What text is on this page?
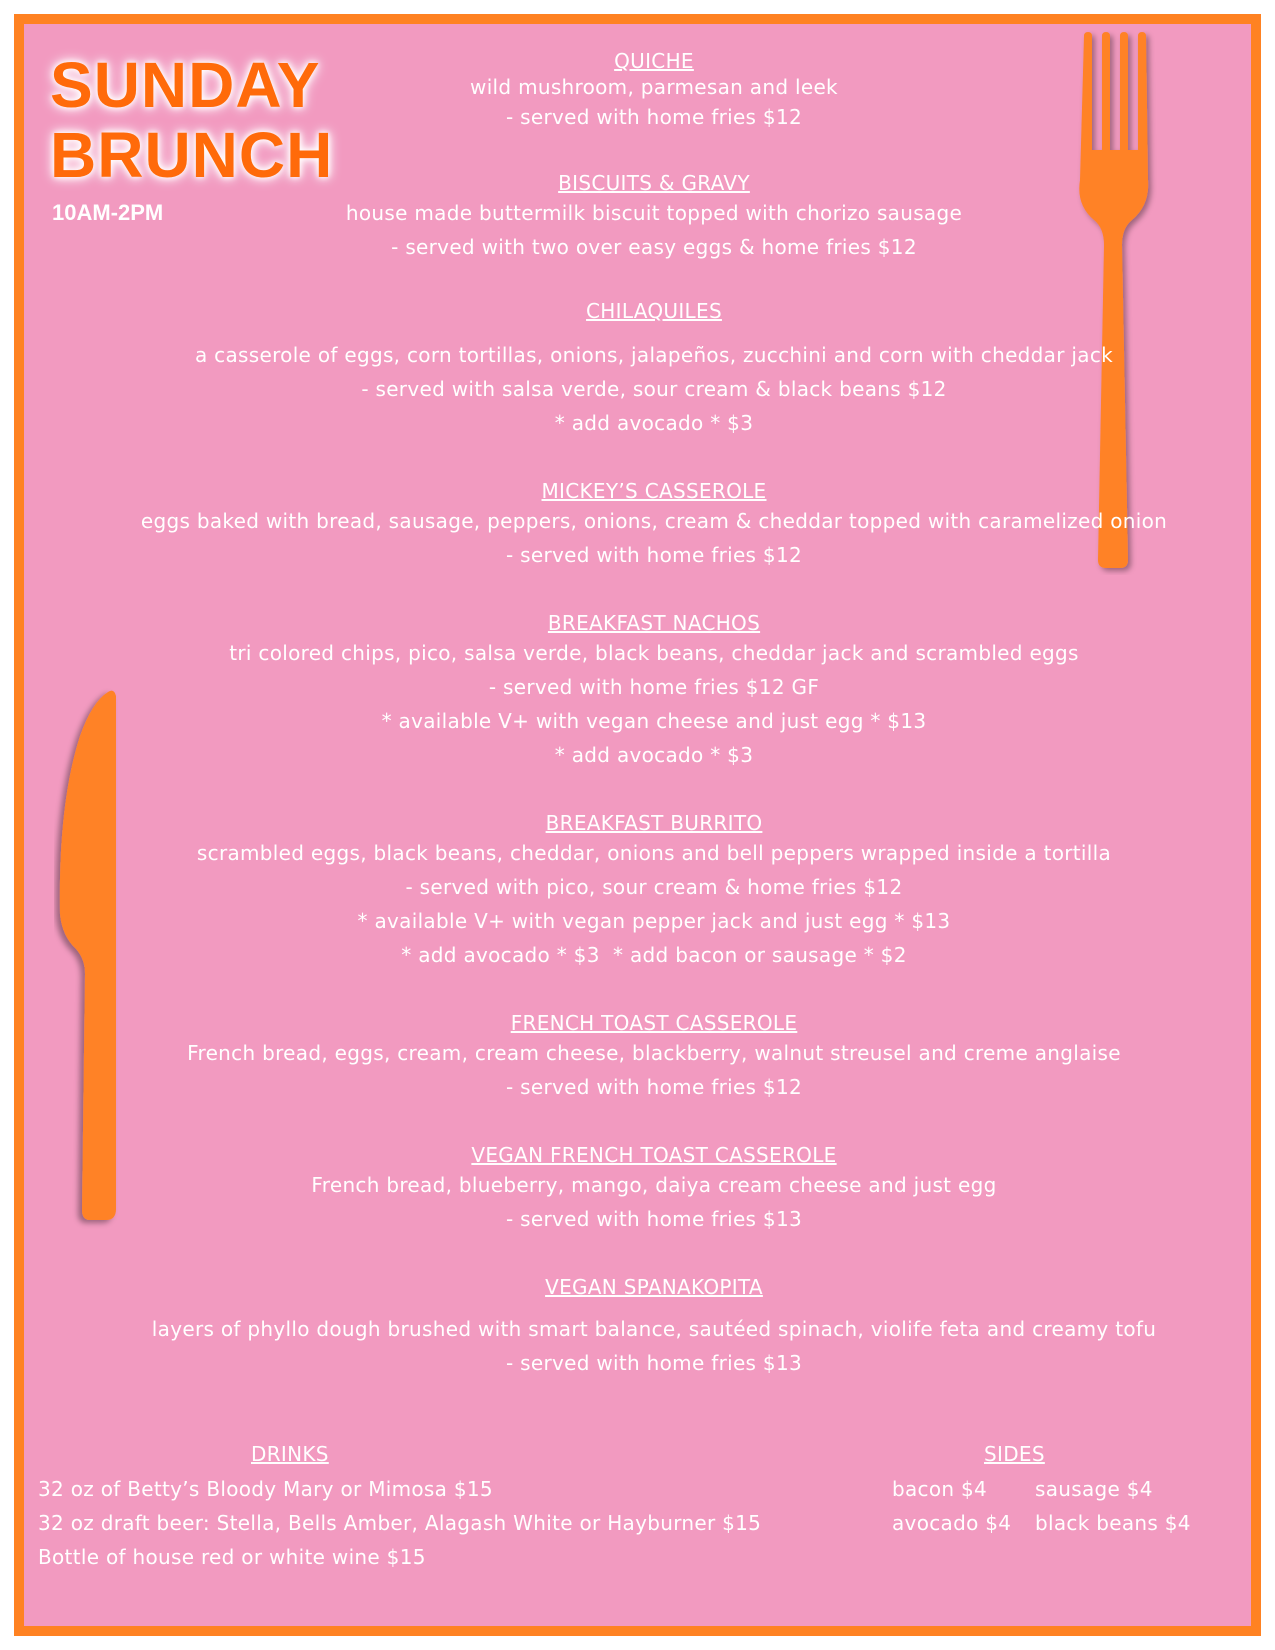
SUNDAY
BRUNCH
10AM-2PM
QUICHE
wild mushroom, parmesan and leek
- served with home fries $12
BISCUITS & GRAVY
house made buttermilk biscuit topped with chorizo sausage
- served with two over easy eggs & home fries $12
CHILAQUILES
a casserole of eggs, corn tortillas, onions, jalapeños, zucchini and corn with cheddar jack
- served with salsa verde, sour cream & black beans $12
* add avocado * $3
MICKEY’S CASSEROLE
eggs baked with bread, sausage, peppers, onions, cream & cheddar topped with caramelized onion
- served with home fries $12
BREAKFAST NACHOS
tri colored chips, pico, salsa verde, black beans, cheddar jack and scrambled eggs
- served with home fries $12 GF
* available V+ with vegan cheese and just egg * $13
* add avocado * $3
BREAKFAST BURRITO
scrambled eggs, black beans, cheddar, onions and bell peppers wrapped inside a tortilla
- served with pico, sour cream & home fries $12
* available V+ with vegan pepper jack and just egg * $13
* add avocado * $3  * add bacon or sausage * $2
FRENCH TOAST CASSEROLE
French bread, eggs, cream, cream cheese, blackberry, walnut streusel and creme anglaise
- served with home fries $12
VEGAN FRENCH TOAST CASSEROLE
French bread, blueberry, mango, daiya cream cheese and just egg
- served with home fries $13
VEGAN SPANAKOPITA
layers of phyllo dough brushed with smart balance, sautéed spinach, violife feta and creamy tofu
- served with home fries $13
DRINKS
32 oz of Betty’s Bloody Mary or Mimosa $15
32 oz draft beer: Stella, Bells Amber, Alagash White or Hayburner $15
Bottle of house red or white wine $15
SIDES
bacon $4	sausage $4
avocado $4	black beans $4
